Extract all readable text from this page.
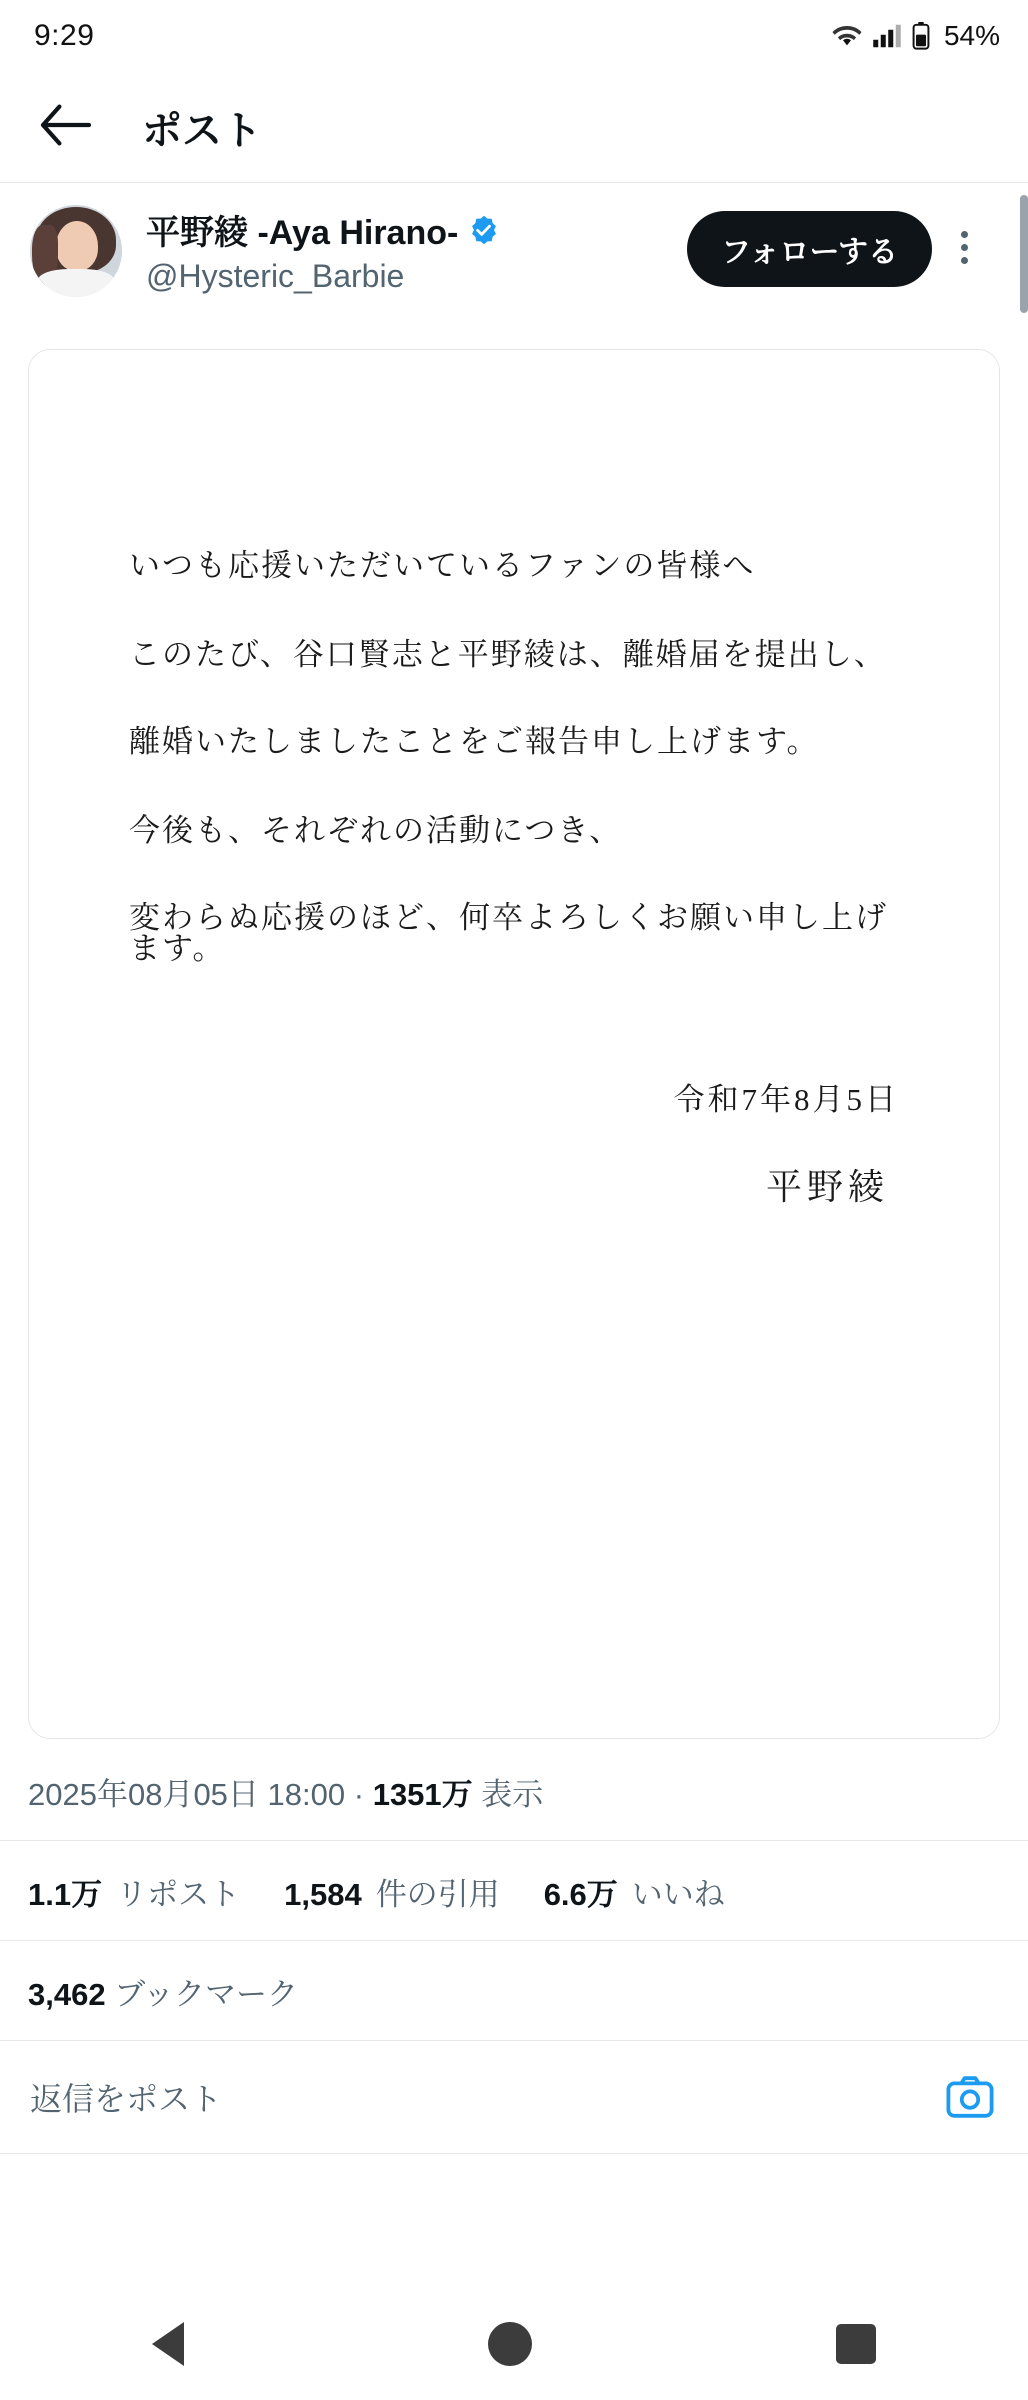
9:29	54%
ポスト
平野綾 -Aya Hirano-
@Hysteric_Barbie
フォローする
いつも応援いただいているファンの皆様へ
このたび、谷口賢志と平野綾は、離婚届を提出し、
離婚いたしましたことをご報告申し上げます。
今後も、それぞれの活動につき、
変わらぬ応援のほど、何卒よろしくお願い申し上げます。
令和7年8月5日
平野綾
2025年08月05日 18:00 · 1351万 表示
1.1万 リポスト 1,584 件の引用 6.6万 いいね
3,462 ブックマーク
返信をポスト
